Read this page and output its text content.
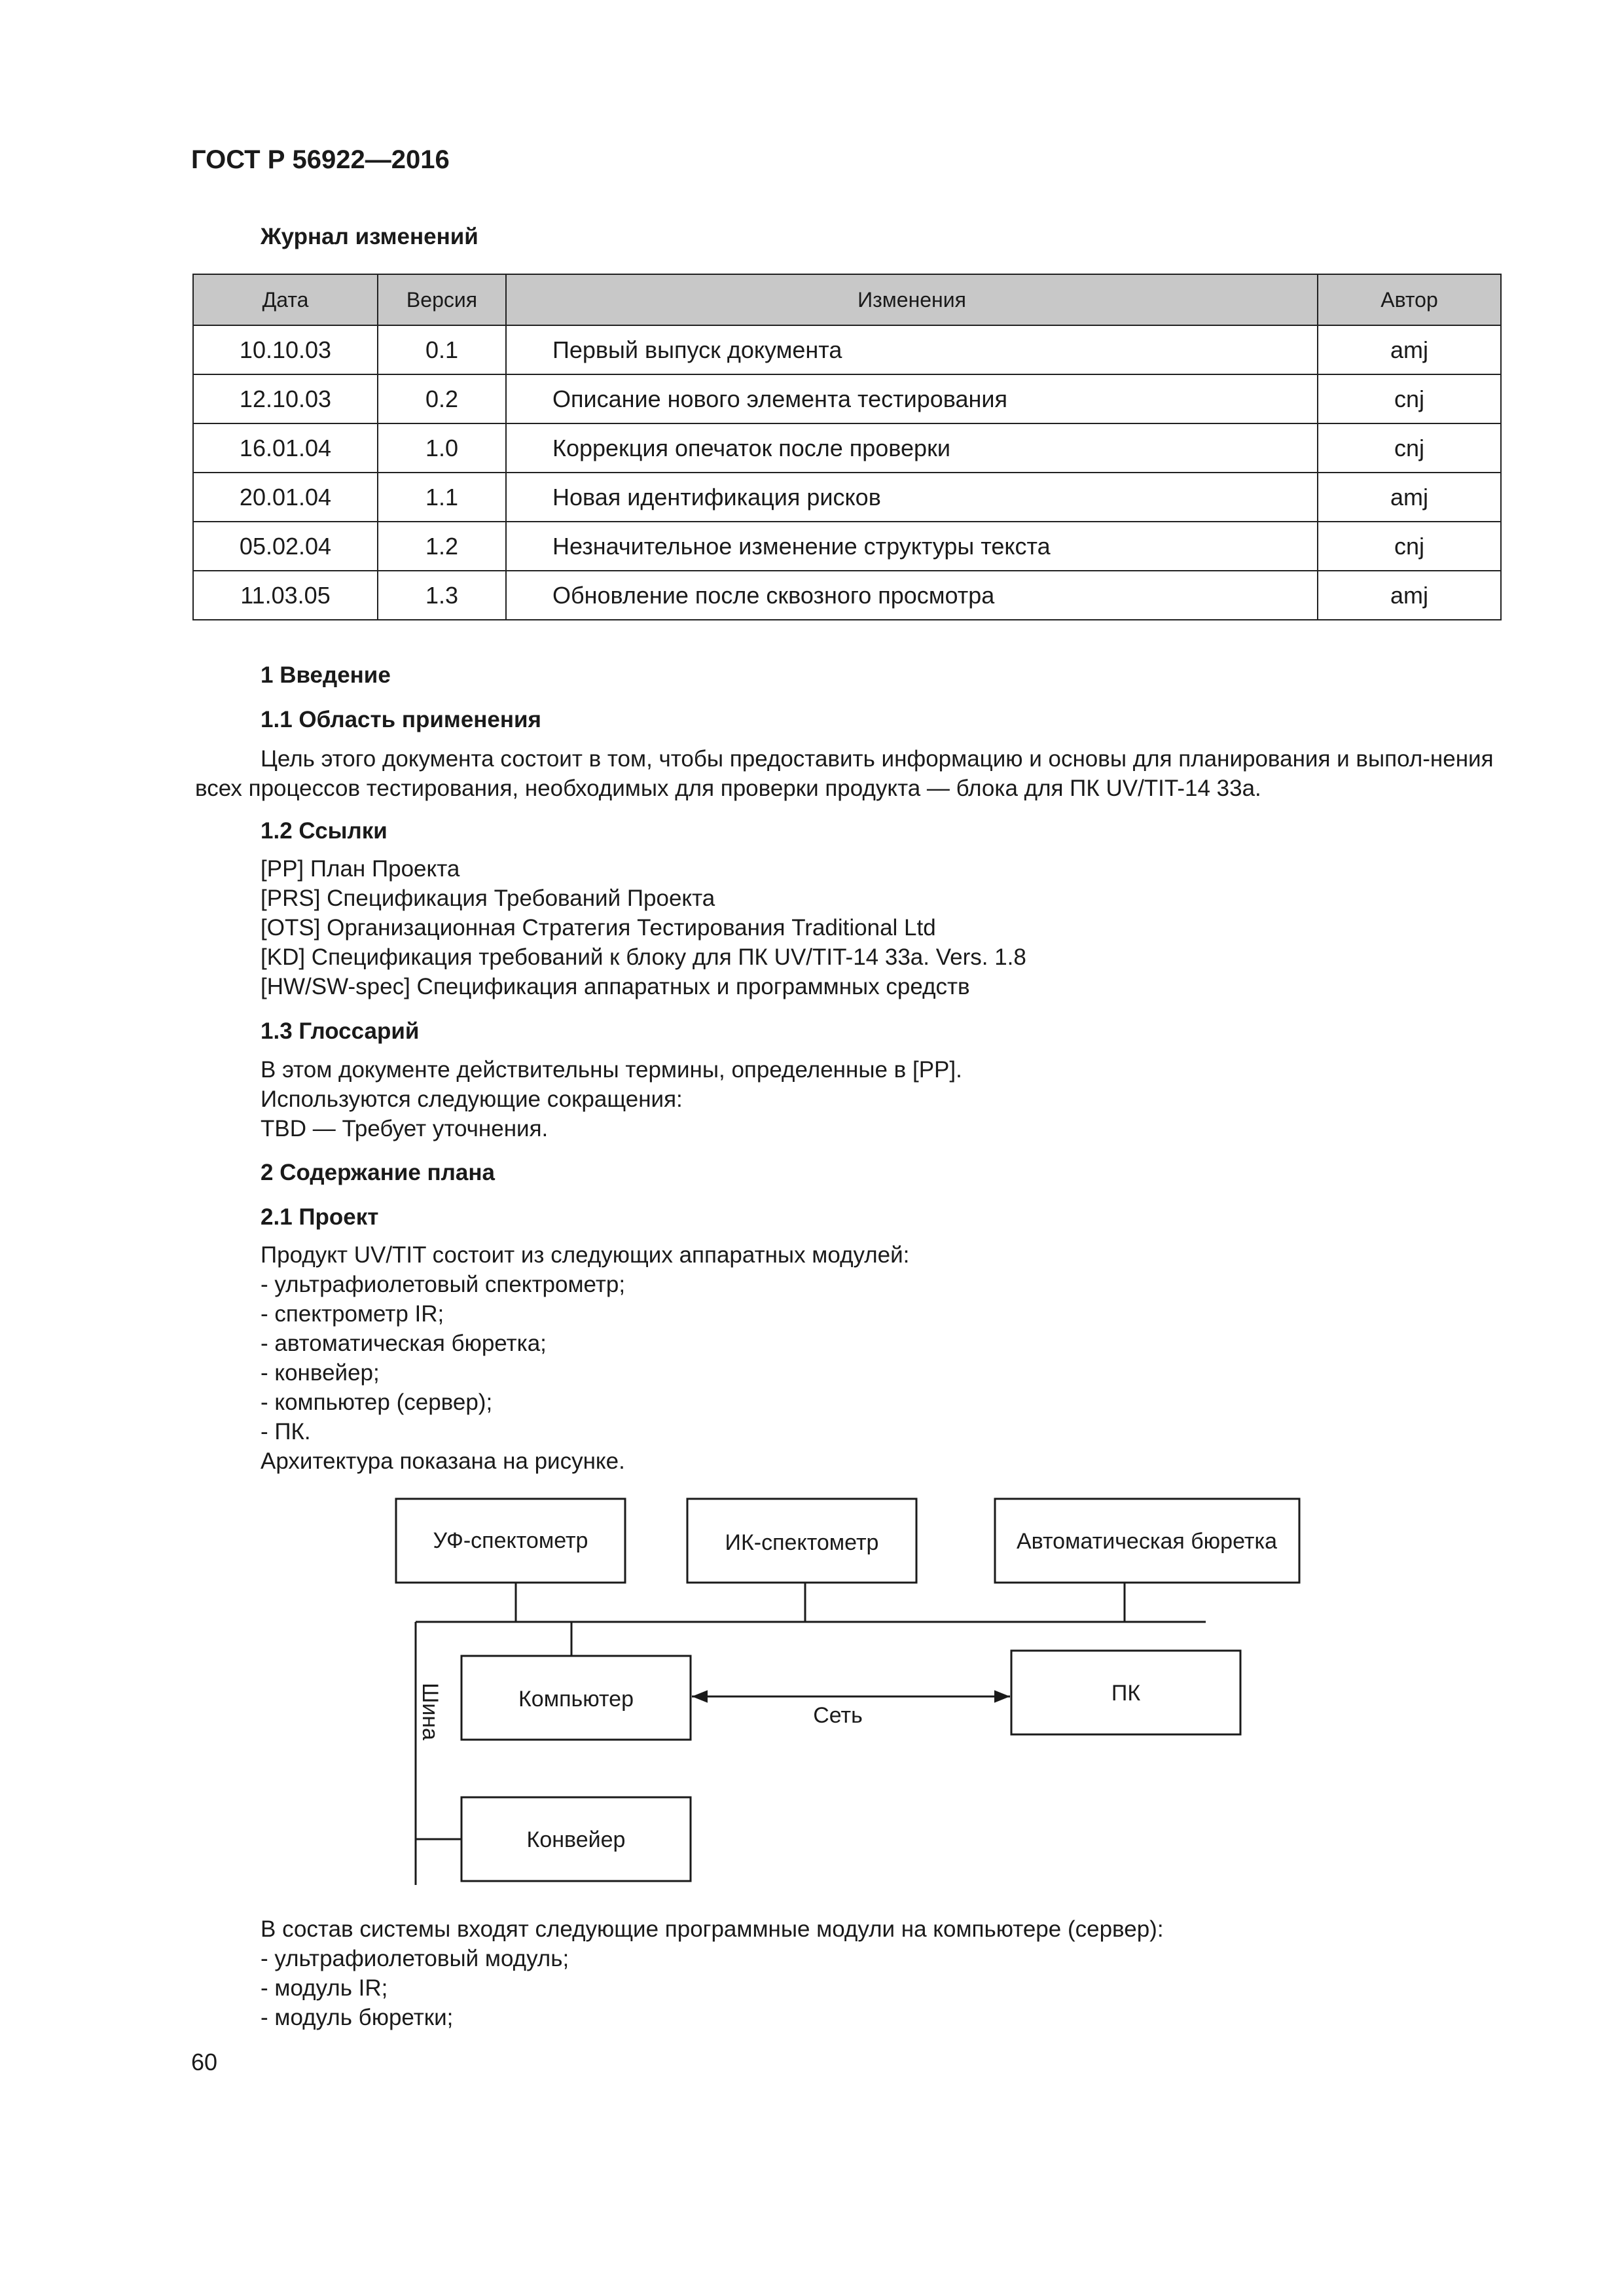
ГОСТ Р 56922—2016
Журнал изменений
Дата	Версия	Изменения	Автор
10.10.03	0.1	Первый выпуск документа	amj
12.10.03	0.2	Описание нового элемента тестирования	cnj
16.01.04	1.0	Коррекция опечаток после проверки	cnj
20.01.04	1.1	Новая идентификация рисков	amj
05.02.04	1.2	Незначительное изменение структуры текста	cnj
11.03.05	1.3	Обновление после сквозного просмотра	amj
1 Введение
1.1 Область применения
Цель этого документа состоит в том, чтобы предоставить информацию и основы для планирования и выпол-нения всех процессов тестирования, необходимых для проверки продукта — блока для ПК UV/TIT-14 33a.
1.2 Ссылки
[PP] План Проекта
[PRS] Спецификация Требований Проекта
[OTS] Организационная Стратегия Тестирования Traditional Ltd
[KD] Спецификация требований к блоку для ПК UV/TIT-14 33a. Vers. 1.8
[HW/SW-spec] Спецификация аппаратных и программных средств
1.3 Глоссарий
В этом документе действительны термины, определенные в [PP].
Используются следующие сокращения:
TBD — Требует уточнения.
2 Содержание плана
2.1 Проект
Продукт UV/TIT состоит из следующих аппаратных модулей:
- ультрафиолетовый спектрометр;
- спектрометр IR;
- автоматическая бюретка;
- конвейер;
- компьютер (сервер);
- ПК.
Архитектура показана на рисунке.
УФ-спектометр	ИК-спектометр	Автоматическая бюретка
Компьютер	ПК
Сеть
Конвейер
Шина
В состав системы входят следующие программные модули на компьютере (сервер):
- ультрафиолетовый модуль;
- модуль IR;
- модуль бюретки;
60
